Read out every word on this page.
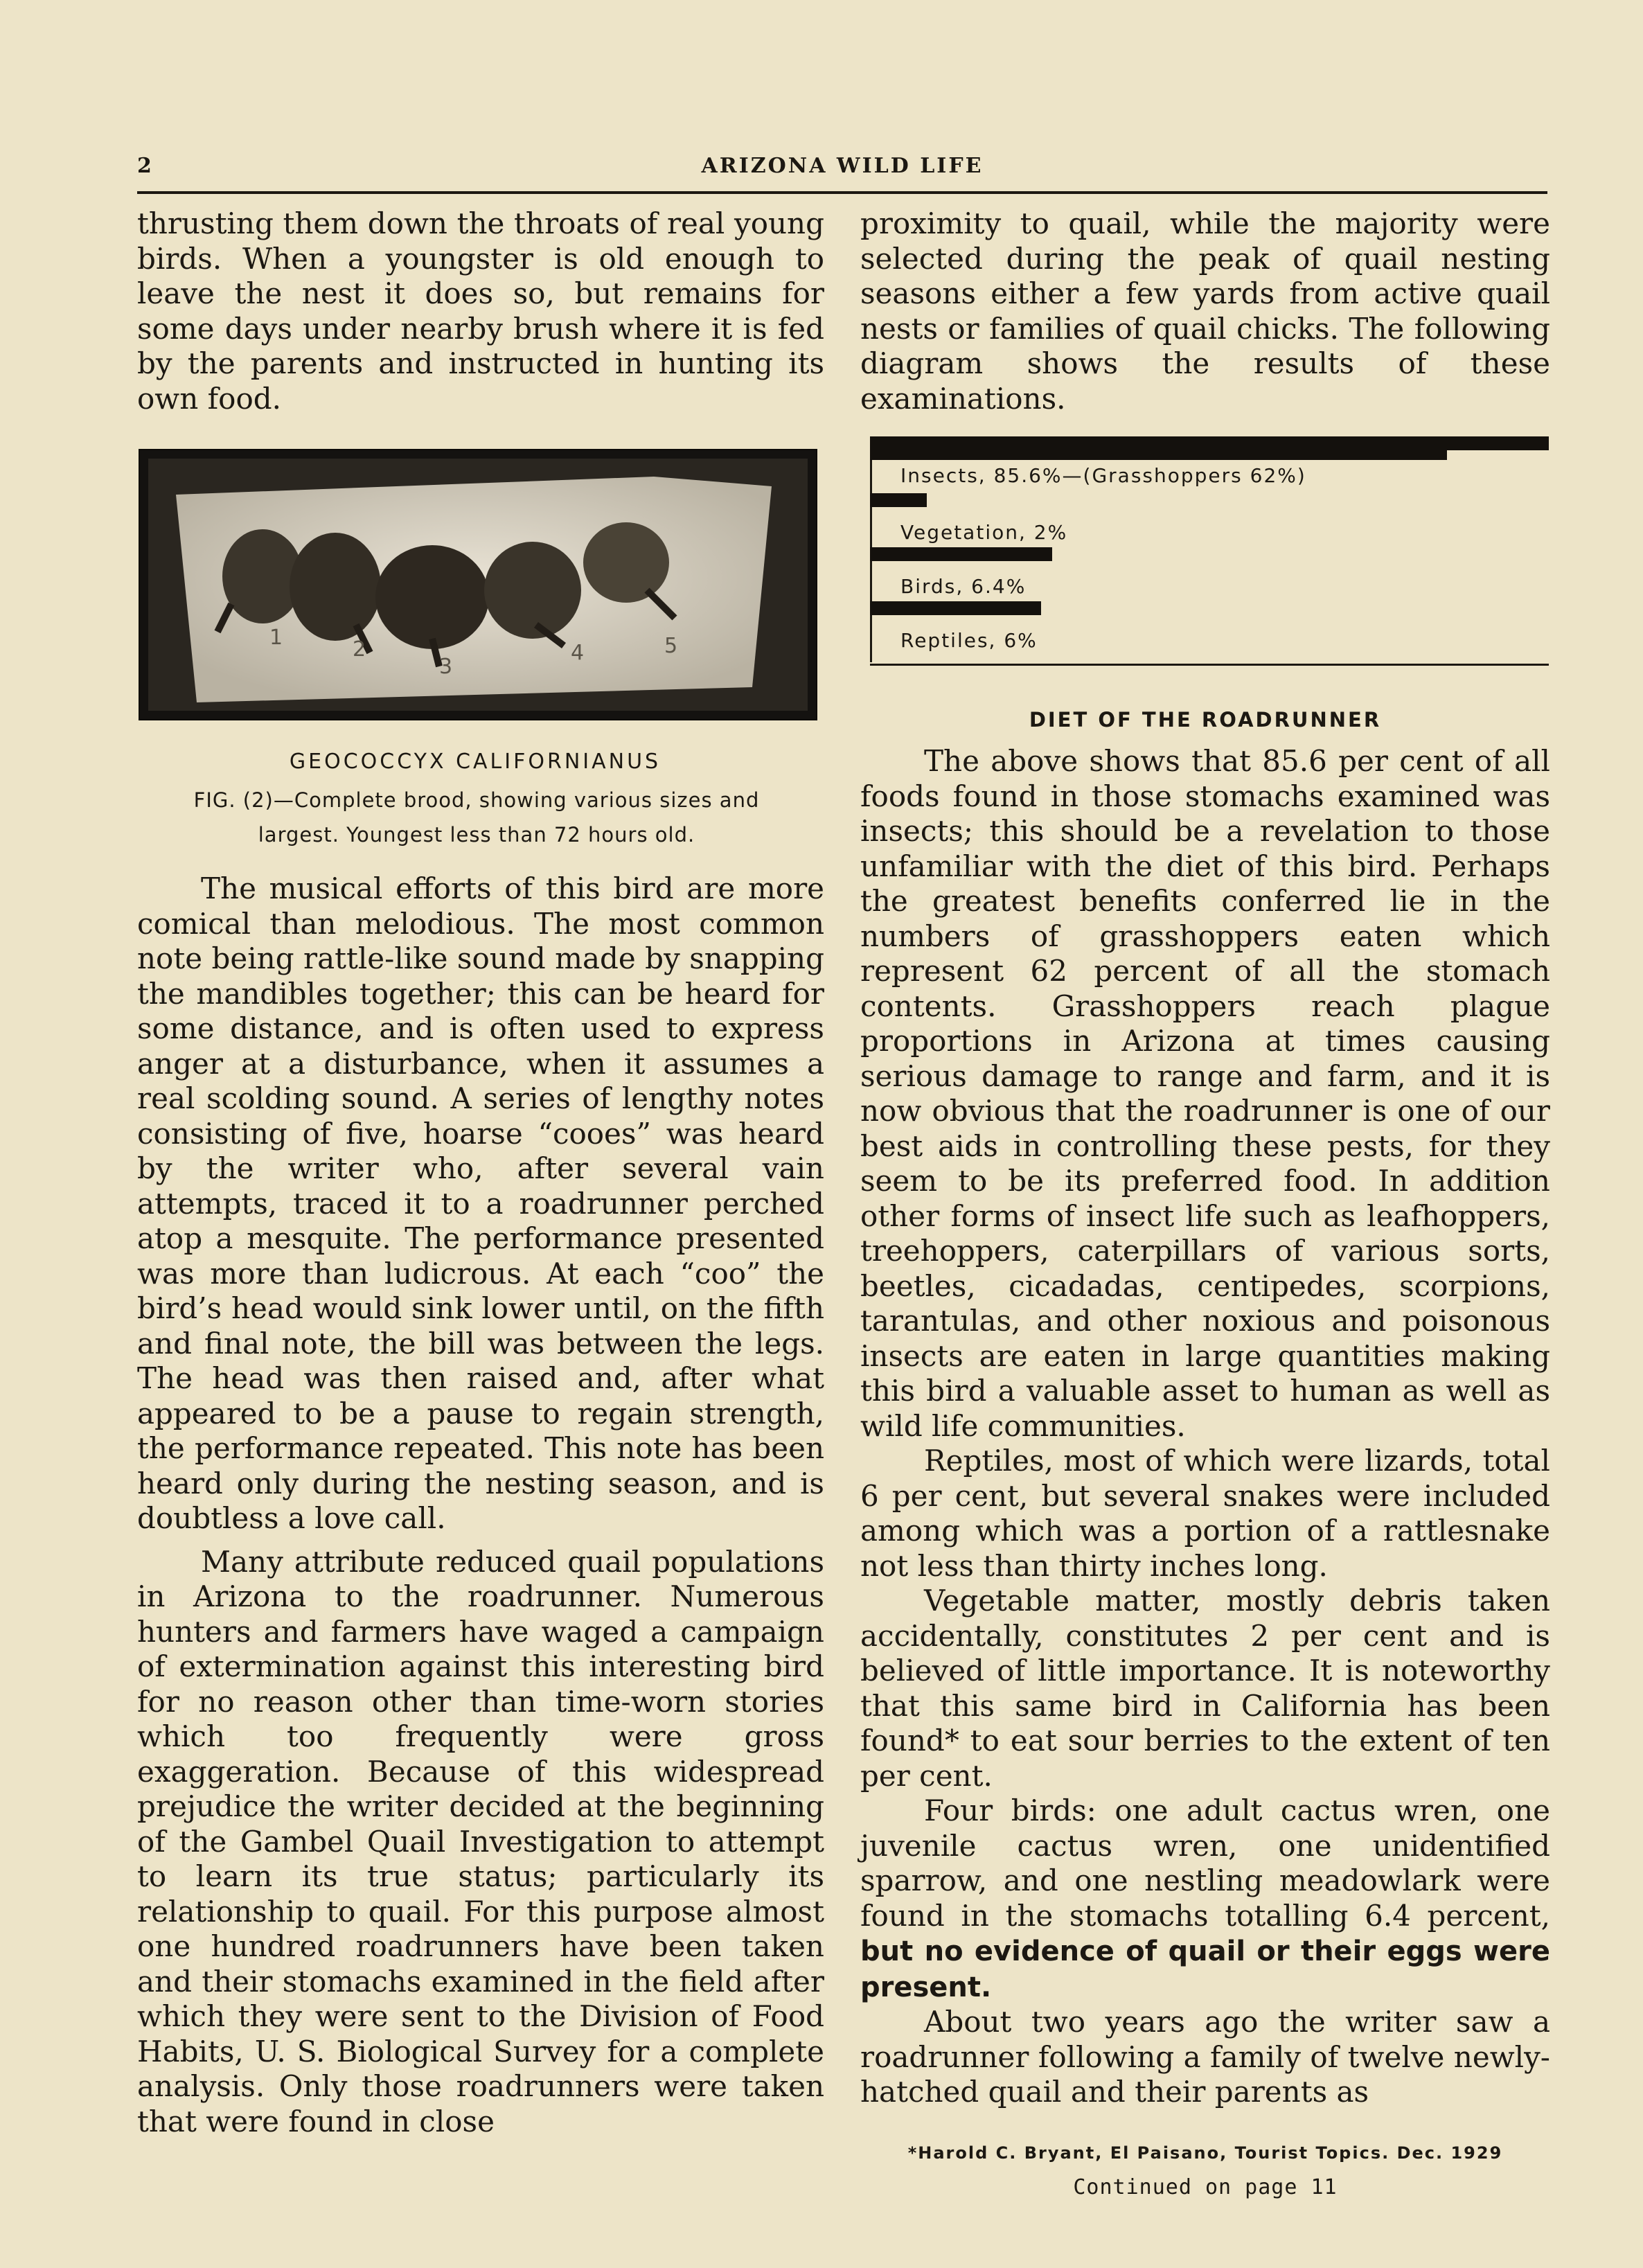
2	ARIZONA WILD LIFE

thrusting them down the throats of real young birds. When a youngster is old enough to leave the nest it does so, but remains for some days under nearby brush where it is fed by the parents and instructed in hunting its own food.

1	2
3
4	5
GEOCOCCYX CALIFORNIANUS
FIG. (2)—Complete brood, showing various sizes and
largest. Youngest less than 72 hours old.

The musical efforts of this bird are more comical than melodious. The most common note being rattle-like sound made by snapping the mandibles together; this can be heard for some distance, and is often used to express anger at a disturbance, when it assumes a real scolding sound. A series of lengthy notes consisting of five, hoarse “cooes” was heard by the writer who, after several vain attempts, traced it to a roadrunner perched atop a mesquite. The performance presented was more than ludicrous. At each “coo” the bird’s head would sink lower until, on the fifth and final note, the bill was between the legs. The head was then raised and, after what appeared to be a pause to regain strength, the performance repeated. This note has been heard only during the nesting season, and is doubtless a love call.

Many attribute reduced quail populations in Arizona to the roadrunner. Numerous hunters and farmers have waged a campaign of extermination against this interesting bird for no reason other than time-worn stories which too frequently were gross exaggeration. Because of this widespread prejudice the writer decided at the beginning of the Gambel Quail Investigation to attempt to learn its true status; particularly its relationship to quail. For this purpose almost one hundred roadrunners have been taken and their stomachs examined in the field after which they were sent to the Division of Food Habits, U. S. Biological Survey for a complete analysis. Only those roadrunners were taken that were found in close

proximity to quail, while the majority were selected during the peak of quail nesting seasons either a few yards from active quail nests or families of quail chicks. The following diagram shows the results of these examinations.

Insects, 85.6%—(Grasshoppers 62%)
Vegetation, 2%
Birds, 6.4%
Reptiles, 6%
DIET OF THE ROADRUNNER

The above shows that 85.6 per cent of all foods found in those stomachs examined was insects; this should be a revelation to those unfamiliar with the diet of this bird. Perhaps the greatest benefits conferred lie in the numbers of grasshoppers eaten which represent 62 percent of all the stomach contents. Grasshoppers reach plague proportions in Arizona at times causing serious damage to range and farm, and it is now obvious that the roadrunner is one of our best aids in controlling these pests, for they seem to be its preferred food. In addition other forms of insect life such as leafhoppers, treehoppers, caterpillars of various sorts, beetles, cicadadas, centipedes, scorpions, tarantulas, and other noxious and poisonous insects are eaten in large quantities making this bird a valuable asset to human as well as wild life communities.

Reptiles, most of which were lizards, total 6 per cent, but several snakes were included among which was a portion of a rattlesnake not less than thirty inches long.

Vegetable matter, mostly debris taken accidentally, constitutes 2 per cent and is believed of little importance. It is noteworthy that this same bird in California has been found* to eat sour berries to the extent of ten per cent.

Four birds: one adult cactus wren, one juvenile cactus wren, one unidentified sparrow, and one nestling meadowlark were found in the stomachs totalling 6.4 percent, but no evidence of quail or their eggs were present.

About two years ago the writer saw a roadrunner following a family of twelve newly-hatched quail and their parents as

*Harold C. Bryant, El Paisano, Tourist Topics. Dec. 1929
Continued on page 11
